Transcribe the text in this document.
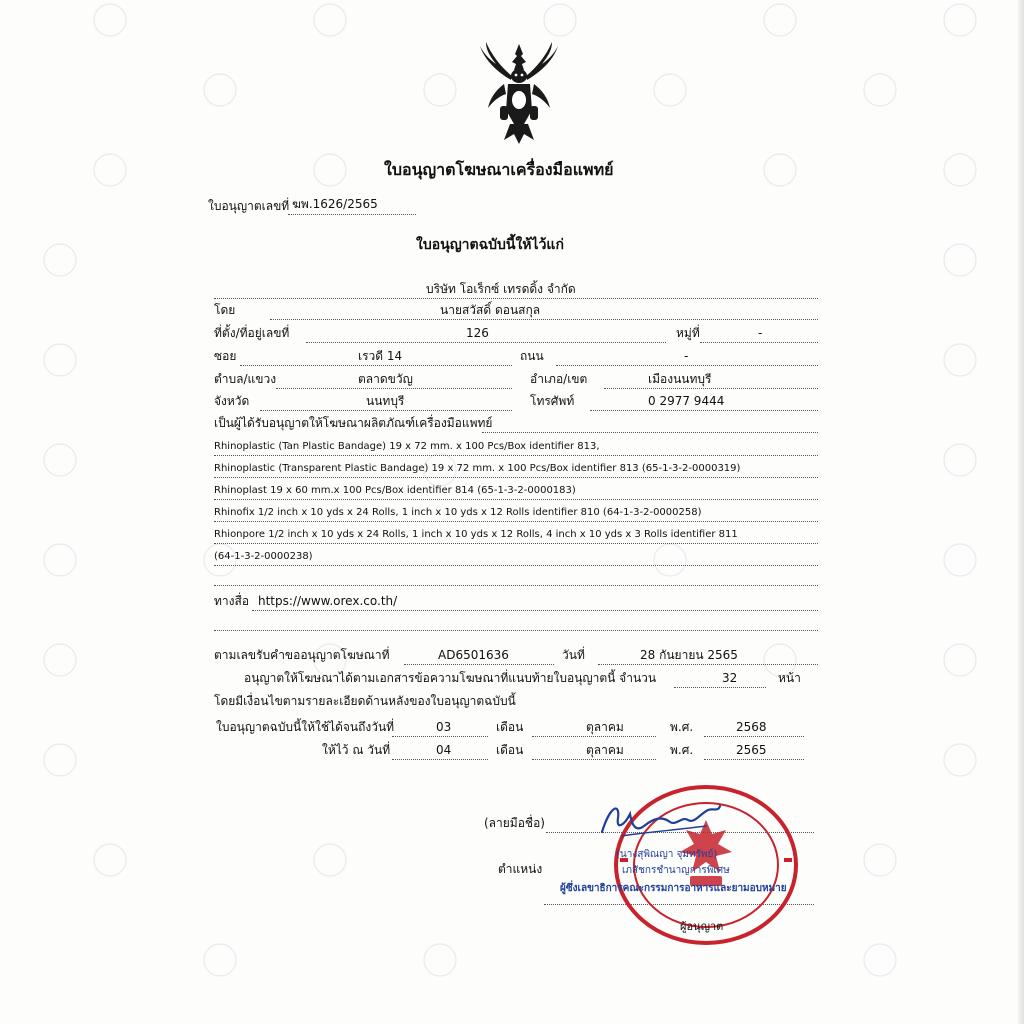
ใบอนุญาตโฆษณาเครื่องมือแพทย์
ใบอนุญาตเลขที่ ฆพ.1626/2565
ใบอนุญาตฉบับนี้ให้ไว้แก่
บริษัท โอเร็กซ์ เทรดดิ้ง จำกัด
โดย	นายสวัสดิ์ ดอนสกุล
ที่ตั้ง/ที่อยู่เลขที่	126	หมู่ที่	-
ซอย	เรวดี 14	ถนน	-
ตำบล/แขวง	ตลาดขวัญ	อำเภอ/เขต	เมืองนนทบุรี
จังหวัด	นนทบุรี	โทรศัพท์	0 2977 9444
เป็นผู้ได้รับอนุญาตให้โฆษณาผลิตภัณฑ์เครื่องมือแพทย์
Rhinoplastic (Tan Plastic Bandage) 19 x 72 mm. x 100 Pcs/Box identifier 813,
Rhinoplastic (Transparent Plastic Bandage) 19 x 72 mm. x 100 Pcs/Box identifier 813 (65-1-3-2-0000319)
Rhinoplast 19 x 60 mm.x 100 Pcs/Box identifier 814 (65-1-3-2-0000183)
Rhinofix 1/2 inch x 10 yds x 24 Rolls, 1 inch x 10 yds x 12 Rolls identifier 810 (64-1-3-2-0000258)
Rhionpore 1/2 inch x 10 yds x 24 Rolls, 1 inch x 10 yds x 12 Rolls, 4 inch x 10 yds x 3 Rolls identifier 811
(64-1-3-2-0000238)
ทางสื่อ https://www.orex.co.th/
ตามเลขรับคำขออนุญาตโฆษณาที่	AD6501636	วันที่	28 กันยายน 2565
อนุญาตให้โฆษณาได้ตามเอกสารข้อความโฆษณาที่แนบท้ายใบอนุญาตนี้ จำนวน	32	หน้า
โดยมีเงื่อนไขตามรายละเอียดด้านหลังของใบอนุญาตฉบับนี้
ใบอนุญาตฉบับนี้ให้ใช้ได้จนถึงวันที่	03	เดือน	ตุลาคม	พ.ศ.	2568
ให้ไว้ ณ วันที่	04	เดือน	ตุลาคม	พ.ศ.	2565
(ลายมือชื่อ)
ตำแหน่ง
(นางสุพิณญา จุ​มทรัพย์)
เภสัชกรชำนาญการพิเศษ
ผู้ซึ่งเลขาธิการคณะกรรมการอาหารและยามอบหมาย
ผู้อนุญาต
